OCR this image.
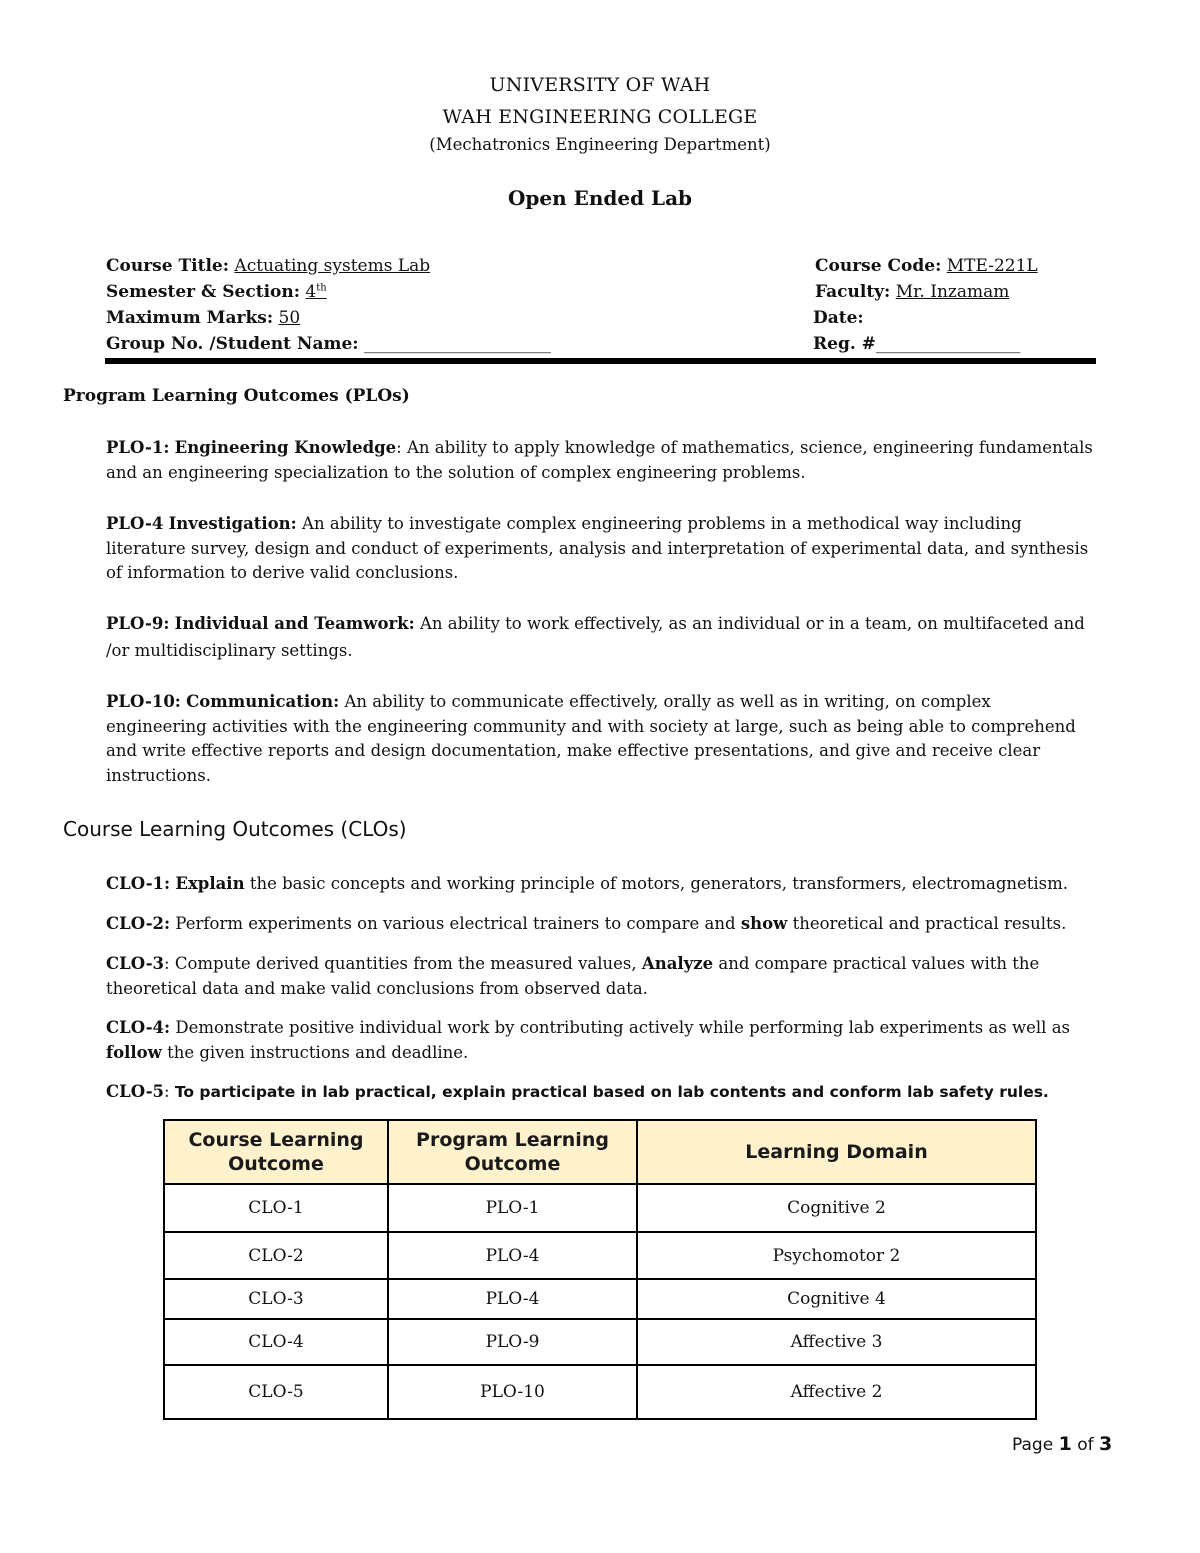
UNIVERSITY OF WAH
WAH ENGINEERING COLLEGE
(Mechatronics Engineering Department)
Open Ended Lab
Course Title: Actuating systems Lab	Course Code: MTE-221L
Semester & Section: 4th	Faculty: Mr. Inzamam
Maximum Marks: 50	Date:
Group No. /Student Name: ______________________	Reg. #_________________
Program Learning Outcomes (PLOs)
PLO-1: Engineering Knowledge: An ability to apply knowledge of mathematics, science, engineering fundamentals and an engineering specialization to the solution of complex engineering problems.
PLO-4 Investigation: An ability to investigate complex engineering problems in a methodical way including literature survey, design and conduct of experiments, analysis and interpretation of experimental data, and synthesis of information to derive valid conclusions.
PLO-9: Individual and Teamwork: An ability to work effectively, as an individual or in a team, on multifaceted and /or multidisciplinary settings.
PLO-10: Communication: An ability to communicate effectively, orally as well as in writing, on complex engineering activities with the engineering community and with society at large, such as being able to comprehend and write effective reports and design documentation, make effective presentations, and give and receive clear instructions.
Course Learning Outcomes (CLOs)
CLO-1: Explain the basic concepts and working principle of motors, generators, transformers, electromagnetism.
CLO-2: Perform experiments on various electrical trainers to compare and show theoretical and practical results.
CLO-3: Compute derived quantities from the measured values, Analyze and compare practical values with the theoretical data and make valid conclusions from observed data.
CLO-4: Demonstrate positive individual work by contributing actively while performing lab experiments as well as follow the given instructions and deadline.
CLO-5: To participate in lab practical, explain practical based on lab contents and conform lab safety rules.
Course Learning Outcome	Program Learning Outcome	Learning Domain
CLO-1	PLO-1	Cognitive 2
CLO-2	PLO-4	Psychomotor 2
CLO-3	PLO-4	Cognitive 4
CLO-4	PLO-9	Affective 3
CLO-5	PLO-10	Affective 2
Page 1 of 3
